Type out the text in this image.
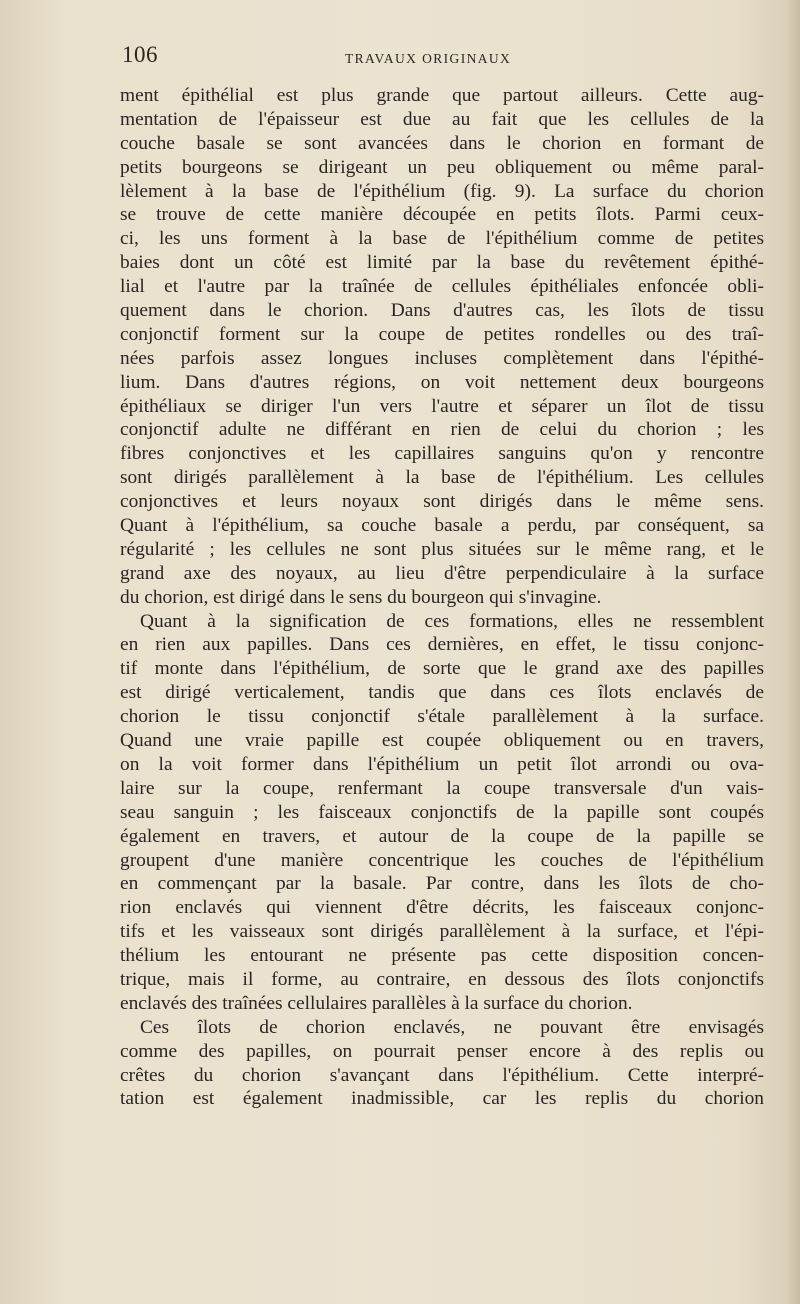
106	TRAVAUX ORIGINAUX
ment épithélial est plus grande que partout ailleurs. Cette aug-
mentation de l'épaisseur est due au fait que les cellules de la
couche basale se sont avancées dans le chorion en formant de
petits bourgeons se dirigeant un peu obliquement ou même paral-
lèlement à la base de l'épithélium (fig. 9). La surface du chorion
se trouve de cette manière découpée en petits îlots. Parmi ceux-
ci, les uns forment à la base de l'épithélium comme de petites
baies dont un côté est limité par la base du revêtement épithé-
lial et l'autre par la traînée de cellules épithéliales enfoncée obli-
quement dans le chorion. Dans d'autres cas, les îlots de tissu
conjonctif forment sur la coupe de petites rondelles ou des traî-
nées parfois assez longues incluses complètement dans l'épithé-
lium. Dans d'autres régions, on voit nettement deux bourgeons
épithéliaux se diriger l'un vers l'autre et séparer un îlot de tissu
conjonctif adulte ne différant en rien de celui du chorion ; les
fibres conjonctives et les capillaires sanguins qu'on y rencontre
sont dirigés parallèlement à la base de l'épithélium. Les cellules
conjonctives et leurs noyaux sont dirigés dans le même sens.
Quant à l'épithélium, sa couche basale a perdu, par conséquent, sa
régularité ; les cellules ne sont plus situées sur le même rang, et le
grand axe des noyaux, au lieu d'être perpendiculaire à la surface
du chorion, est dirigé dans le sens du bourgeon qui s'invagine.
Quant à la signification de ces formations, elles ne ressemblent
en rien aux papilles. Dans ces dernières, en effet, le tissu conjonc-
tif monte dans l'épithélium, de sorte que le grand axe des papilles
est dirigé verticalement, tandis que dans ces îlots enclavés de
chorion le tissu conjonctif s'étale parallèlement à la surface.
Quand une vraie papille est coupée obliquement ou en travers,
on la voit former dans l'épithélium un petit îlot arrondi ou ova-
laire sur la coupe, renfermant la coupe transversale d'un vais-
seau sanguin ; les faisceaux conjonctifs de la papille sont coupés
également en travers, et autour de la coupe de la papille se
groupent d'une manière concentrique les couches de l'épithélium
en commençant par la basale. Par contre, dans les îlots de cho-
rion enclavés qui viennent d'être décrits, les faisceaux conjonc-
tifs et les vaisseaux sont dirigés parallèlement à la surface, et l'épi-
thélium les entourant ne présente pas cette disposition concen-
trique, mais il forme, au contraire, en dessous des îlots conjonctifs
enclavés des traînées cellulaires parallèles à la surface du chorion.
Ces îlots de chorion enclavés, ne pouvant être envisagés
comme des papilles, on pourrait penser encore à des replis ou
crêtes du chorion s'avançant dans l'épithélium. Cette interpré-
tation est également inadmissible, car les replis du chorion
